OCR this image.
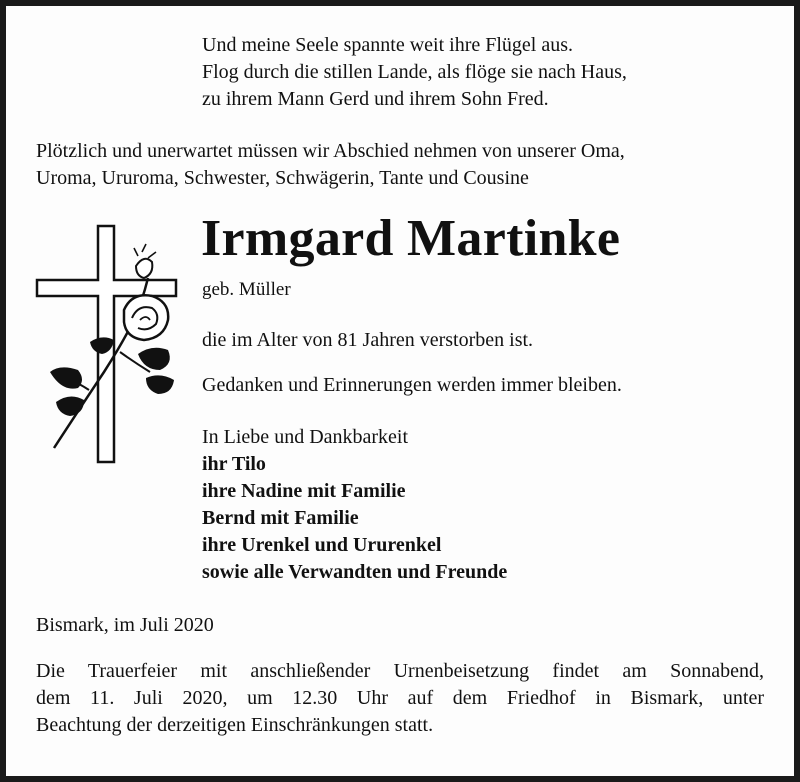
Und meine Seele spannte weit ihre Flügel aus.
Flog durch die stillen Lande, als flöge sie nach Haus,
zu ihrem Mann Gerd und ihrem Sohn Fred.
Plötzlich und unerwartet müssen wir Abschied nehmen von unserer Oma,
Uroma, Ururoma, Schwester, Schwägerin, Tante und Cousine
Irmgard Martinke
geb. Müller
die im Alter von 81 Jahren verstorben ist.
Gedanken und Erinnerungen werden immer bleiben.
In Liebe und Dankbarkeit
ihr Tilo
ihre Nadine mit Familie
Bernd mit Familie
ihre Urenkel und Ururenkel
sowie alle Verwandten und Freunde
Bismark, im Juli 2020
Die Trauerfeier mit anschließender Urnenbeisetzung findet am Sonnabend,
dem 11. Juli 2020, um 12.30 Uhr auf dem Friedhof in Bismark, unter
Beachtung der derzeitigen Einschränkungen statt.
